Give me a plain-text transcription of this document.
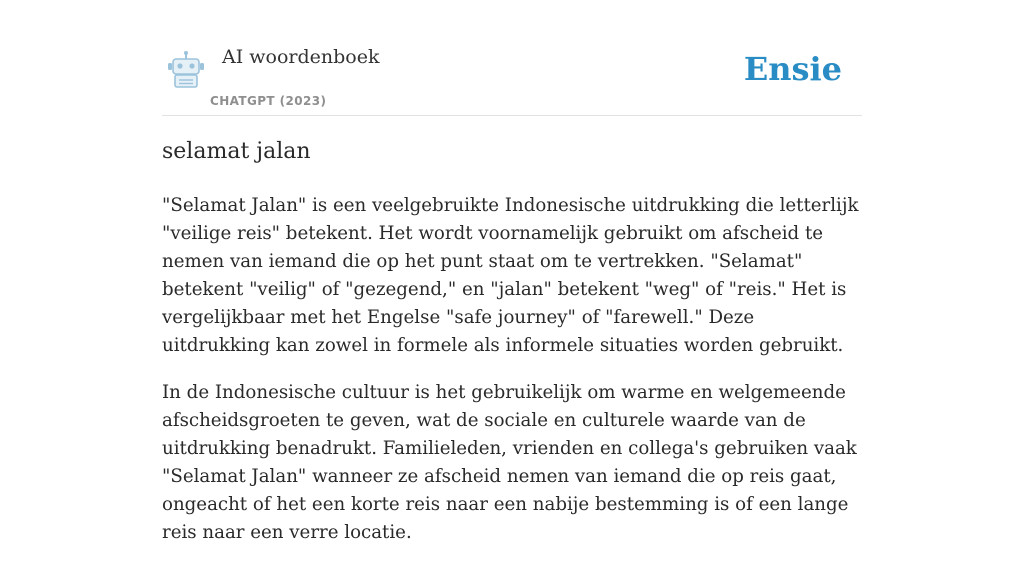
AI woordenboek
CHATGPT (2023)
Ensie
selamat jalan

"Selamat Jalan" is een veelgebruikte Indonesische uitdrukking die letterlijk "veilige reis" betekent. Het wordt voornamelijk gebruikt om afscheid te nemen van iemand die op het punt staat om te vertrekken. "Selamat" betekent "veilig" of "gezegend," en "jalan" betekent "weg" of "reis." Het is vergelijkbaar met het Engelse "safe journey" of "farewell." Deze uitdrukking kan zowel in formele als informele situaties worden gebruikt.

In de Indonesische cultuur is het gebruikelijk om warme en welgemeende afscheidsgroeten te geven, wat de sociale en culturele waarde van de uitdrukking benadrukt. Familieleden, vrienden en collega's gebruiken vaak "Selamat Jalan" wanneer ze afscheid nemen van iemand die op reis gaat, ongeacht of het een korte reis naar een nabije bestemming is of een lange reis naar een verre locatie.
